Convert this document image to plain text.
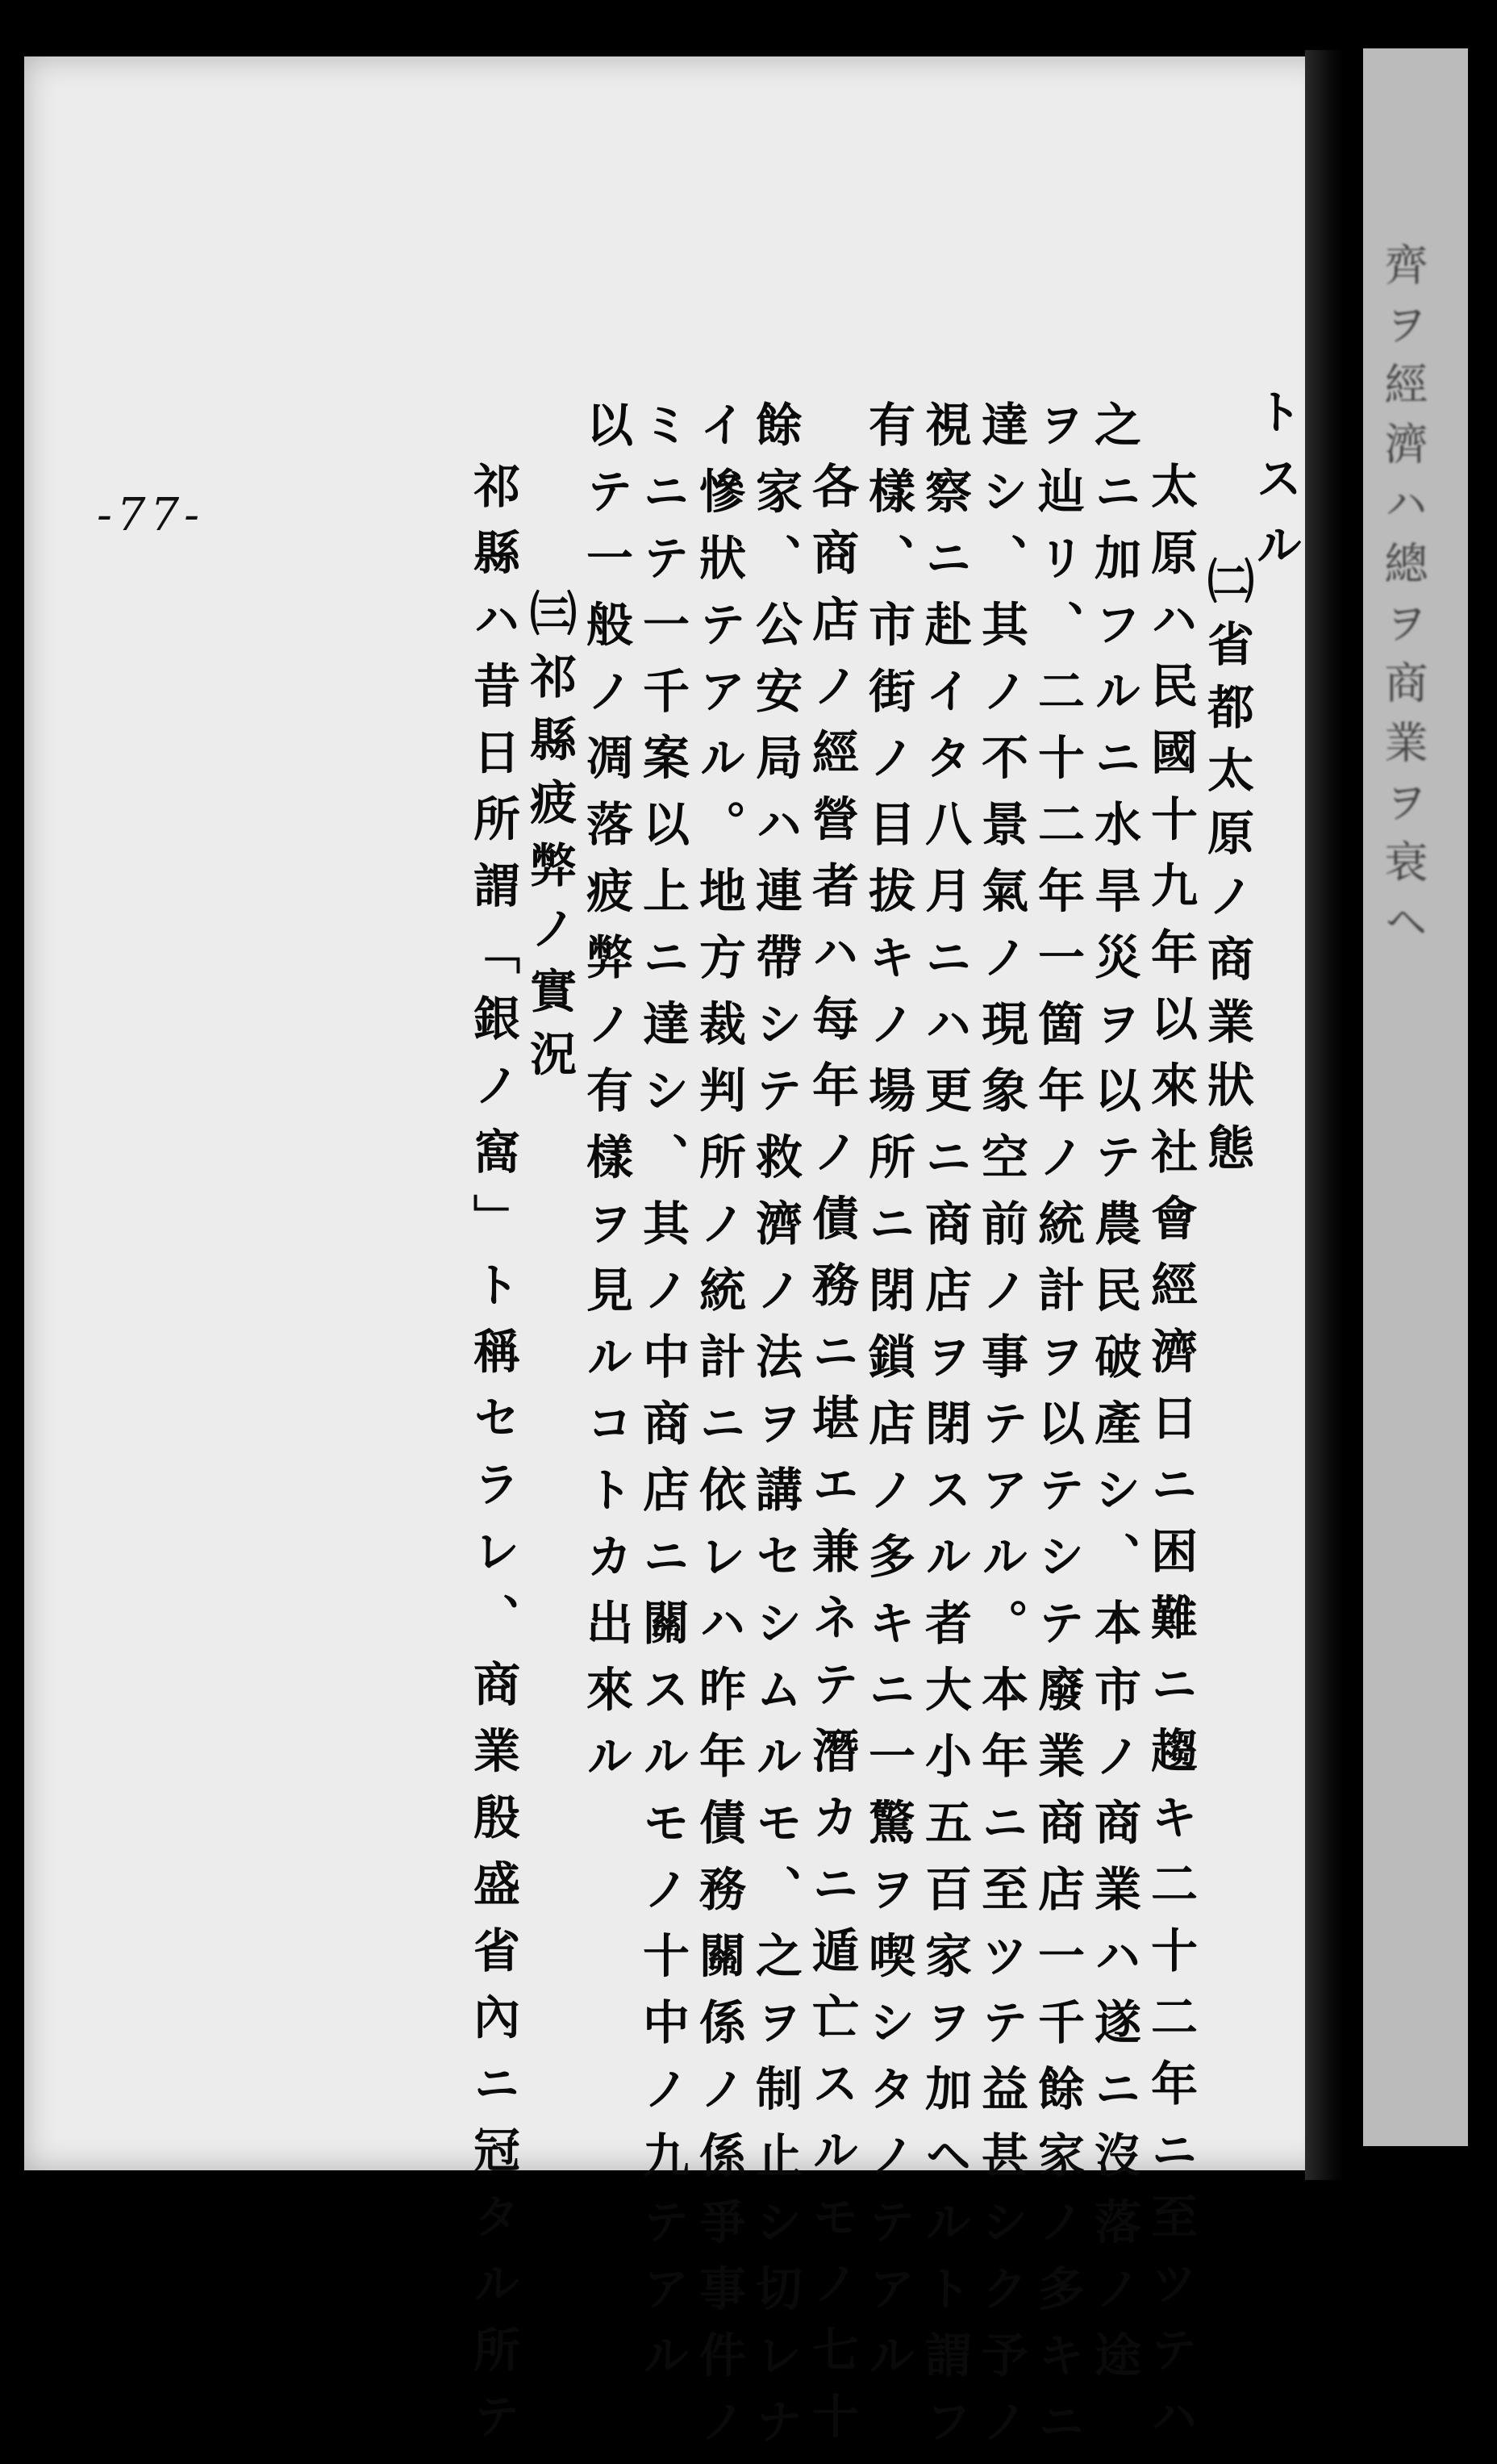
齊ヲ經濟ハ總ヲ商業ヲ衰ヘ

-77-	トスル

㈡省都太原ノ商業狀態

太原ハ民國十九年以來社會經濟日ニ困難ニ趨キ二十二年ニ至ツテハ

之ニ加フルニ水旱災ヲ以テ農民破產シ、本市ノ商業ハ遂ニ沒落ノ途

ヲ辿リ、二十二年一箇年ノ統計ヲ以テシテ廢業商店一千餘家ノ多キニ

達シ、其ノ不景氣ノ現象空前ノ事テアル。本年ニ至ツテ益甚シク予ノ

視察ニ赴イタ八月ニハ更ニ商店ヲ閉スル者大小五百家ヲ加ヘルト謂フ

有樣、市街ノ目拔キノ場所ニ閉鎖店ノ多キニ一驚ヲ喫シタノテアル

各商店ノ經營者ハ每年ノ債務ニ堪エ兼ネテ潛カニ遁亡スルモノ七十

餘家、公安局ハ連帶シテ救濟ノ法ヲ講セシムルモ、之ヲ制止シ切レナ

イ慘狀テアル。地方裁判所ノ統計ニ依レハ昨年債務關係ノ係爭事件ノ

ミニテ一千案以上ニ達シ、其ノ中商店ニ關スルモノ十中ノ九テアル

以テ一般ノ凋落疲弊ノ有樣ヲ見ルコトカ出來ル

㈢祁縣疲弊ノ實況

祁縣ハ昔日所謂「銀ノ窩」ト稱セラレ、商業殷盛省內ニ冠タル所テ
